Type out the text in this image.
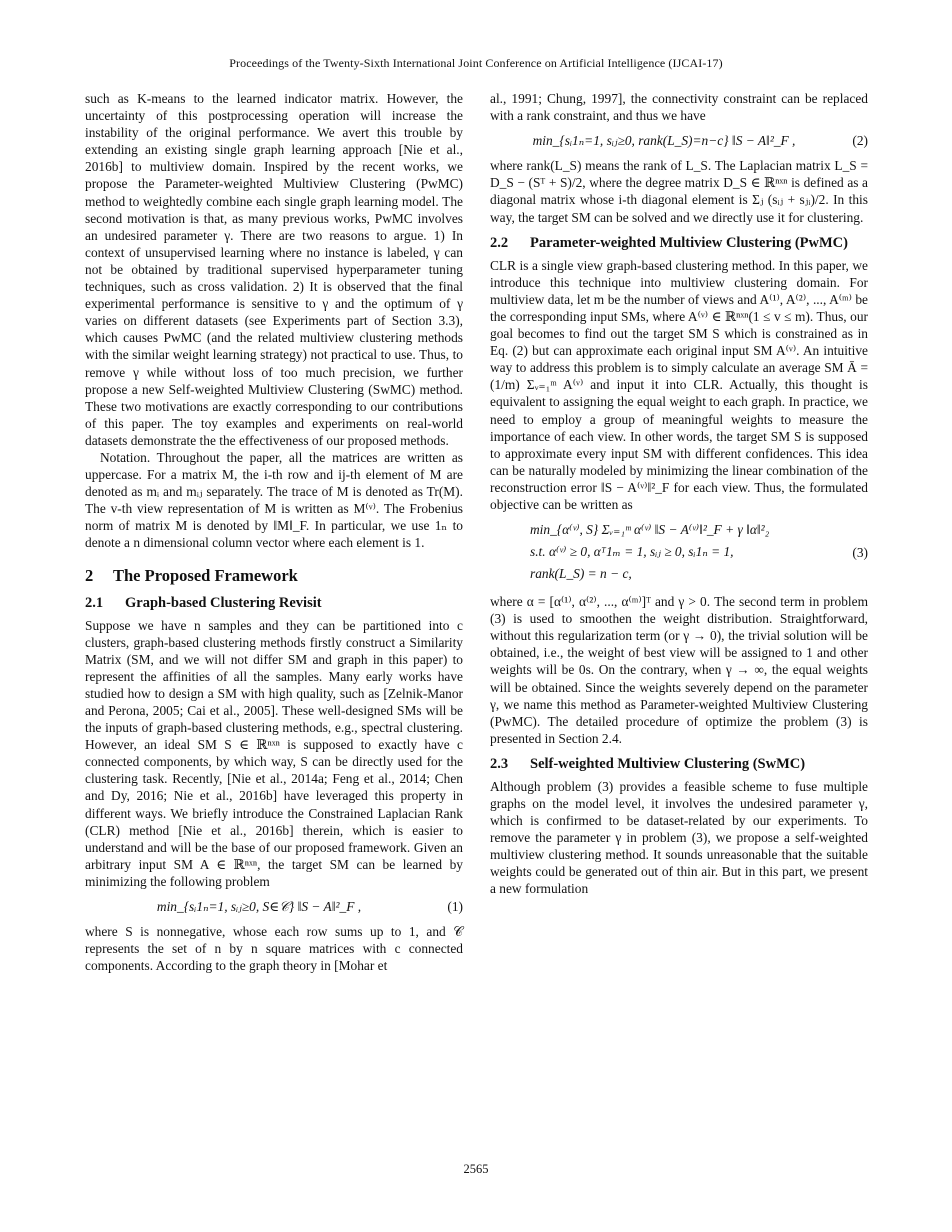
Proceedings of the Twenty-Sixth International Joint Conference on Artificial Intelligence (IJCAI-17)

such as K-means to the learned indicator matrix. However, the uncertainty of this postprocessing operation will increase the instability of the original performance. We avert this trouble by extending an existing single graph learning approach [Nie et al., 2016b] to multiview domain. Inspired by the recent works, we propose the Parameter-weighted Multiview Clustering (PwMC) method to weightedly combine each single graph learning model. The second motivation is that, as many previous works, PwMC involves an undesired parameter γ. There are two reasons to argue. 1) In context of unsupervised learning where no instance is labeled, γ can not be obtained by traditional supervised hyperparameter tuning techniques, such as cross validation. 2) It is observed that the final experimental performance is sensitive to γ and the optimum of γ varies on different datasets (see Experiments part of Section 3.3), which causes PwMC (and the related multiview clustering methods with the similar weight learning strategy) not practical to use. Thus, to remove γ while without loss of too much precision, we further propose a new Self-weighted Multiview Clustering (SwMC) method. These two motivations are exactly corresponding to our contributions of this paper. The toy examples and experiments on real-world datasets demonstrate the the effectiveness of our proposed methods.

Notation. Throughout the paper, all the matrices are written as uppercase. For a matrix M, the i-th row and ij-th element of M are denoted as mᵢ and mᵢⱼ separately. The trace of M is denoted as Tr(M). The v-th view representation of M is written as M⁽ᵛ⁾. The Frobenius norm of matrix M is denoted by ‖M‖_F. In particular, we use 1ₙ to denote a n dimensional column vector where each element is 1.

2 The Proposed Framework
2.1 Graph-based Clustering Revisit

Suppose we have n samples and they can be partitioned into c clusters, graph-based clustering methods firstly construct a Similarity Matrix (SM, and we will not differ SM and graph in this paper) to represent the affinities of all the samples. Many early works have studied how to design a SM with high quality, such as [Zelnik-Manor and Perona, 2005; Cai et al., 2005]. These well-designed SMs will be the inputs of graph-based clustering methods, e.g., spectral clustering. However, an ideal SM S ∈ ℝⁿˣⁿ is supposed to exactly have c connected components, by which way, S can be directly used for the clustering task. Recently, [Nie et al., 2014a; Feng et al., 2014; Chen and Dy, 2016; Nie et al., 2016b] have leveraged this property in different ways. We briefly introduce the Constrained Laplacian Rank (CLR) method [Nie et al., 2016b] therein, which is easier to understand and will be the base of our proposed framework. Given an arbitrary input SM A ∈ ℝⁿˣⁿ, the target SM can be learned by minimizing the following problem

min_{sᵢ1ₙ=1, sᵢⱼ≥0, S∈𝒞} ‖S − A‖²_F ,	(1)

where S is nonnegative, whose each row sums up to 1, and 𝒞 represents the set of n by n square matrices with c connected components. According to the graph theory in [Mohar et

al., 1991; Chung, 1997], the connectivity constraint can be replaced with a rank constraint, and thus we have

min_{sᵢ1ₙ=1, sᵢⱼ≥0, rank(L_S)=n−c} ‖S − A‖²_F ,	(2)

where rank(L_S) means the rank of L_S. The Laplacian matrix L_S = D_S − (Sᵀ + S)/2, where the degree matrix D_S ∈ ℝⁿˣⁿ is defined as a diagonal matrix whose i-th diagonal element is Σⱼ (sᵢⱼ + sⱼᵢ)/2. In this way, the target SM can be solved and we directly use it for clustering.

2.2 Parameter-weighted Multiview Clustering (PwMC)

CLR is a single view graph-based clustering method. In this paper, we introduce this technique into multiview clustering domain. For multiview data, let m be the number of views and A⁽¹⁾, A⁽²⁾, ..., A⁽ᵐ⁾ be the corresponding input SMs, where A⁽ᵛ⁾ ∈ ℝⁿˣⁿ(1 ≤ v ≤ m). Thus, our goal becomes to find out the target SM S which is constrained as in Eq. (2) but can approximate each original input SM A⁽ᵛ⁾. An intuitive way to address this problem is to simply calculate an average SM Ā = (1/m) Σᵥ₌₁ᵐ A⁽ᵛ⁾ and input it into CLR. Actually, this thought is equivalent to assigning the equal weight to each graph. In practice, we need to employ a group of meaningful weights to measure the importance of each view. In other words, the target SM S is supposed to approximate every input SM with different confidences. This idea can be naturally modeled by minimizing the linear combination of the reconstruction error ‖S − A⁽ᵛ⁾‖²_F for each view. Thus, the formulated objective can be written as

min_{α⁽ᵛ⁾, S} Σᵥ₌₁ᵐ α⁽ᵛ⁾ ‖S − A⁽ᵛ⁾‖²_F + γ ‖α‖²₂
s.t. α⁽ᵛ⁾ ≥ 0, αᵀ1ₘ = 1, sᵢⱼ ≥ 0, sᵢ1ₙ = 1,
rank(L_S) = n − c,
(3)

where α = [α⁽¹⁾, α⁽²⁾, ..., α⁽ᵐ⁾]ᵀ and γ > 0. The second term in problem (3) is used to smoothen the weight distribution. Straightforward, without this regularization term (or γ → 0), the trivial solution will be obtained, i.e., the weight of best view will be assigned to 1 and other weights will be 0s. On the contrary, when γ → ∞, the equal weights will be obtained. Since the weights severely depend on the parameter γ, we name this method as Parameter-weighted Multiview Clustering (PwMC). The detailed procedure of optimize the problem (3) is presented in Section 2.4.

2.3 Self-weighted Multiview Clustering (SwMC)

Although problem (3) provides a feasible scheme to fuse multiple graphs on the model level, it involves the undesired parameter γ, which is confirmed to be dataset-related by our experiments. To remove the parameter γ in problem (3), we propose a self-weighted multiview clustering method. It sounds unreasonable that the suitable weights could be generated out of thin air. But in this part, we present a new formulation

2565
